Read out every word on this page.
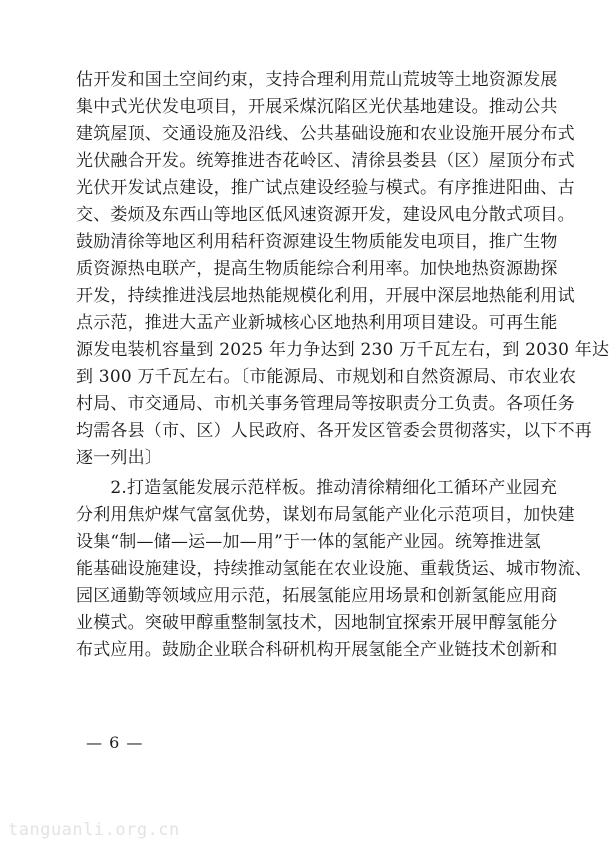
估开发和国土空间约束，支持合理利用荒山荒坡等土地资源发展
集中式光伏发电项目，开展采煤沉陷区光伏基地建设。推动公共
建筑屋顶、交通设施及沿线、公共基础设施和农业设施开展分布式
光伏融合开发。统筹推进杏花岭区、清徐县娄县（区）屋顶分布式
光伏开发试点建设，推广试点建设经验与模式。有序推进阳曲、古
交、娄烦及东西山等地区低风速资源开发，建设风电分散式项目。
鼓励清徐等地区利用秸秆资源建设生物质能发电项目，推广生物
质资源热电联产，提高生物质能综合利用率。加快地热资源勘探
开发，持续推进浅层地热能规模化利用，开展中深层地热能利用试
点示范，推进大盂产业新城核心区地热利用项目建设。可再生能
源发电装机容量到 2025 年力争达到 230 万千瓦左右，到 2030 年达
到 300 万千瓦左右。〔市能源局、市规划和自然资源局、市农业农
村局、市交通局、市机关事务管理局等按职责分工负责。各项任务
均需各县（市、区）人民政府、各开发区管委会贯彻落实，以下不再
逐一列出〕
　　2.打造氢能发展示范样板。推动清徐精细化工循环产业园充
分利用焦炉煤气富氢优势，谋划布局氢能产业化示范项目，加快建
设集“制—储—运—加—用”于一体的氢能产业园。统筹推进氢
能基础设施建设，持续推动氢能在农业设施、重载货运、城市物流、
园区通勤等领域应用示范，拓展氢能应用场景和创新氢能应用商
业模式。突破甲醇重整制氢技术，因地制宜探索开展甲醇氢能分
布式应用。鼓励企业联合科研机构开展氢能全产业链技术创新和
— 6 —
tanguanli.org.cn
